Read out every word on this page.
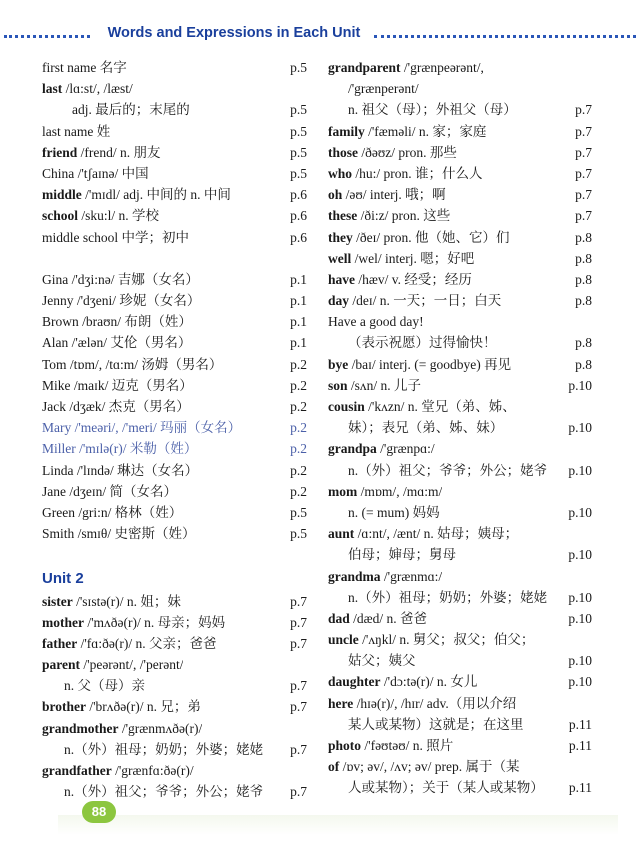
Words and Expressions in Each Unit
first name 名字	p.5
last /lɑ:st/, /læst/
adj. 最后的；末尾的	p.5
last name 姓	p.5
friend /frend/ n. 朋友	p.5
China /'tʃaɪnə/ 中国	p.5
middle /'mɪdl/ adj. 中间的 n. 中间	p.6
school /sku:l/ n. 学校	p.6
middle school 中学；初中	p.6
Gina /'dʒi:nə/ 吉娜（女名）	p.1
Jenny /'dʒeni/ 珍妮（女名）	p.1
Brown /braʊn/ 布朗（姓）	p.1
Alan /'ælən/ 艾伦（男名）	p.1
Tom /tɒm/, /tɑ:m/ 汤姆（男名）	p.2
Mike /maɪk/ 迈克（男名）	p.2
Jack /dʒæk/ 杰克（男名）	p.2
Mary /'meəri/, /'meri/ 玛丽（女名）	p.2
Miller /'mɪlə(r)/ 米勒（姓）	p.2
Linda /'lɪndə/ 琳达（女名）	p.2
Jane /dʒeɪn/ 简（女名）	p.2
Green /gri:n/ 格林（姓）	p.5
Smith /smɪθ/ 史密斯（姓）	p.5
Unit 2
sister /'sɪstə(r)/ n. 姐；妹	p.7
mother /'mʌðə(r)/ n. 母亲；妈妈	p.7
father /'fɑ:ðə(r)/ n. 父亲；爸爸	p.7
parent /'peərənt/, /'perənt/
n. 父（母）亲	p.7
brother /'brʌðə(r)/ n. 兄；弟	p.7
grandmother /'grænmʌðə(r)/
n.（外）祖母；奶奶；外婆；姥姥 p.7
grandfather /'grænfɑ:ðə(r)/
n.（外）祖父；爷爷；外公；姥爷 p.7
grandparent /'grænpeərənt/,
/'grænperənt/
n. 祖父（母）；外祖父（母）	p.7
family /'fæməli/ n. 家；家庭	p.7
those /ðəʊz/ pron. 那些	p.7
who /hu:/ pron. 谁；什么人	p.7
oh /əʊ/ interj. 哦；啊	p.7
these /ði:z/ pron. 这些	p.7
they /ðeɪ/ pron. 他（她、它）们	p.8
well /wel/ interj. 嗯；好吧	p.8
have /hæv/ v. 经受；经历	p.8
day /deɪ/ n. 一天；一日；白天	p.8
Have a good day!
（表示祝愿）过得愉快！	p.8
bye /baɪ/ interj. (= goodbye) 再见	p.8
son /sʌn/ n. 儿子	p.10
cousin /'kʌzn/ n. 堂兄（弟、姊、
妹）；表兄（弟、姊、妹）	p.10
grandpa /'grænpɑ:/
n.（外）祖父；爷爷；外公；姥爷 p.10
mom /mɒm/, /mɑ:m/
n. (= mum) 妈妈	p.10
aunt /ɑ:nt/, /ænt/ n. 姑母；姨母；
伯母；婶母；舅母	p.10
grandma /'grænmɑ:/
n.（外）祖母；奶奶；外婆；姥姥 p.10
dad /dæd/ n. 爸爸	p.10
uncle /'ʌŋkl/ n. 舅父；叔父；伯父；
姑父；姨父	p.10
daughter /'dɔ:tə(r)/ n. 女儿	p.10
here /hɪə(r)/, /hɪr/ adv.（用以介绍
某人或某物）这就是；在这里	p.11
photo /'fəʊtəʊ/ n. 照片	p.11
of /ɒv; əv/, /ʌv; əv/ prep. 属于（某
人或某物）；关于（某人或某物） p.11
88
